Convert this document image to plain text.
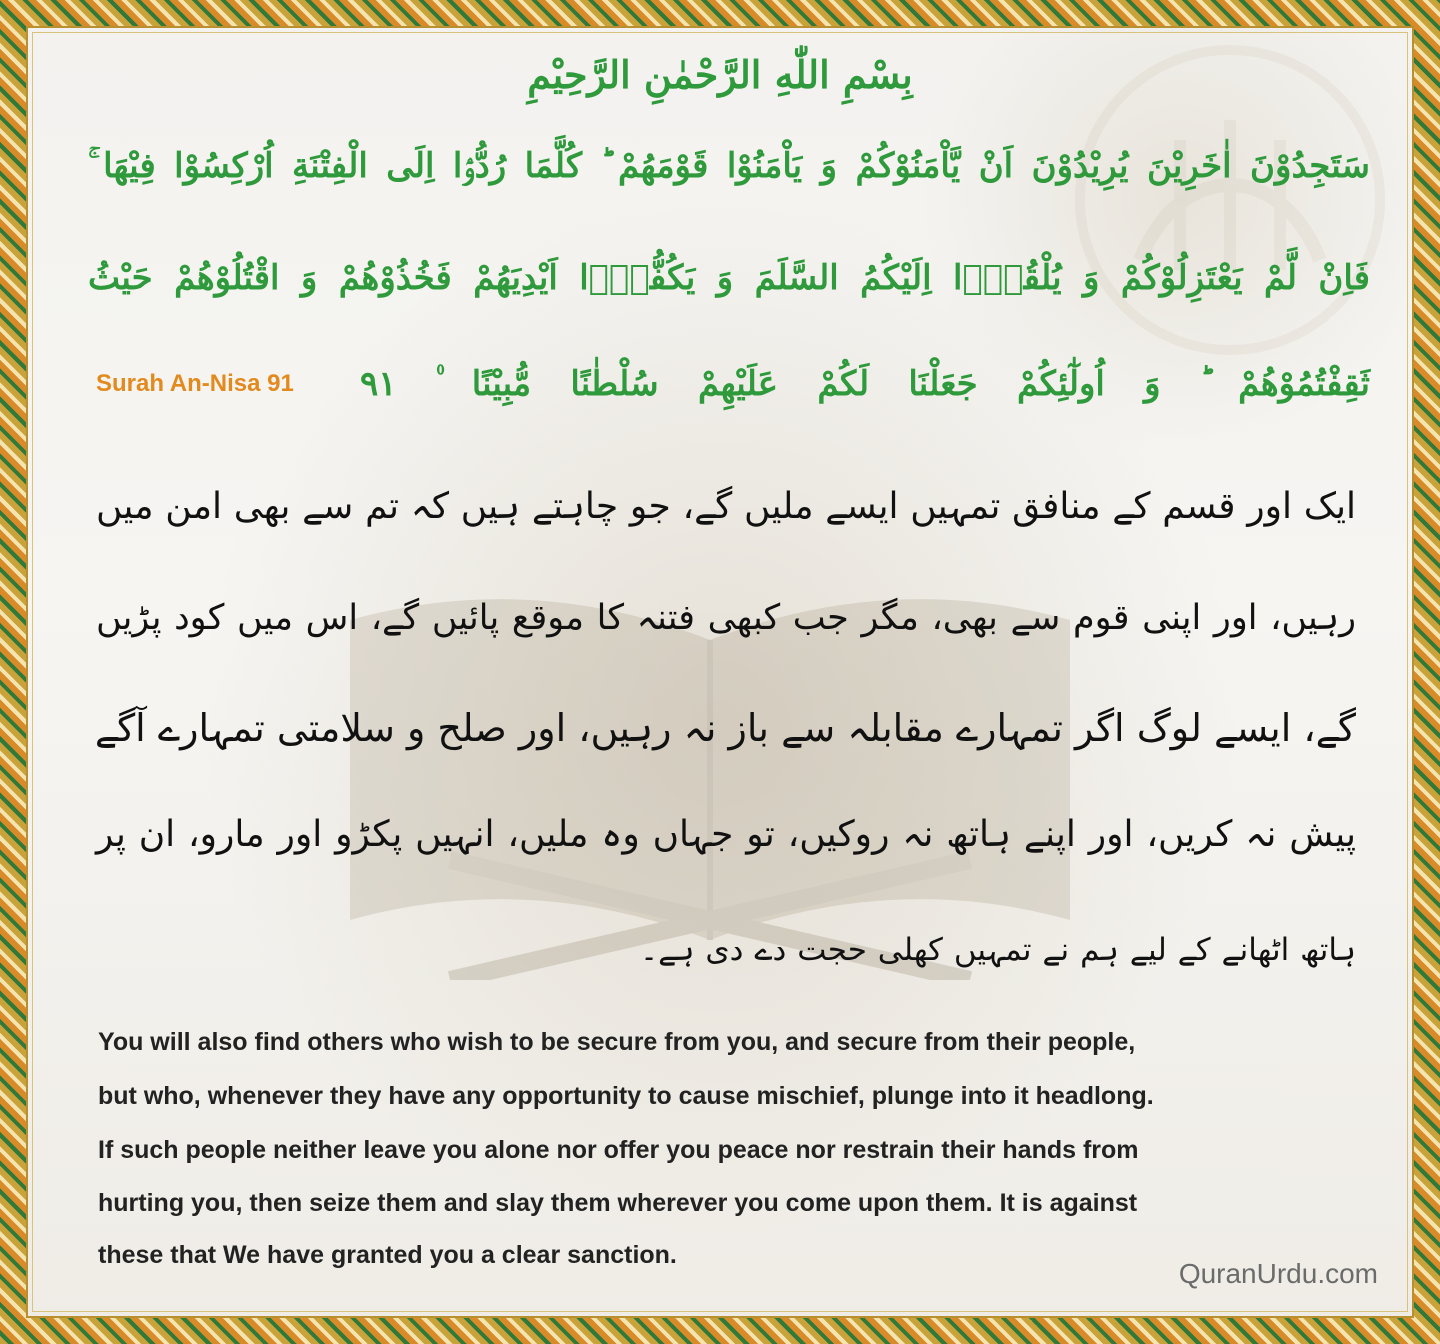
بِسْمِ اللّٰهِ الرَّحْمٰنِ الرَّحِيْمِ
سَتَجِدُوْنَ اٰخَرِيْنَ يُرِيْدُوْنَ اَنْ يَّاْمَنُوْكُمْ وَ يَاْمَنُوْا قَوْمَهُمْ ؕ كُلَّمَا رُدُّوْۤا اِلَى الْفِتْنَةِ اُرْكِسُوْا فِيْهَا ۚ
فَاِنْ لَّمْ يَعْتَزِلُوْكُمْ وَ يُلْقُوْۤا اِلَيْكُمُ السَّلَمَ وَ يَكُفُّوْۤا اَيْدِيَهُمْ فَخُذُوْهُمْ وَ اقْتُلُوْهُمْ حَيْثُ
ثَقِفْتُمُوْهُمْ ؕ وَ اُولٰٓئِكُمْ جَعَلْنَا لَكُمْ عَلَيْهِمْ سُلْطٰنًا مُّبِيْنًا ۠ ۹۱
Surah An-Nisa 91
ایک اور قسم کے منافق تمہیں ایسے ملیں گے، جو چاہتے ہیں کہ تم سے بھی امن میں
رہیں، اور اپنی قوم سے بھی، مگر جب کبھی فتنہ کا موقع پائیں گے، اس میں کود پڑیں
گے، ایسے لوگ اگر تمہارے مقابلہ سے باز نہ رہیں، اور صلح و سلامتی تمہارے آگے
پیش نہ کریں، اور اپنے ہاتھ نہ روکیں، تو جہاں وہ ملیں، انہیں پکڑو اور مارو، ان پر
ہاتھ اٹھانے کے لیے ہم نے تمہیں کھلی حجت دے دی ہے۔
You will also find others who wish to be secure from you, and secure from their people,
but who, whenever they have any opportunity to cause mischief, plunge into it headlong.
If such people neither leave you alone nor offer you peace nor restrain their hands from
hurting you, then seize them and slay them wherever you come upon them. It is against
these that We have granted you a clear sanction.
QuranUrdu.com
